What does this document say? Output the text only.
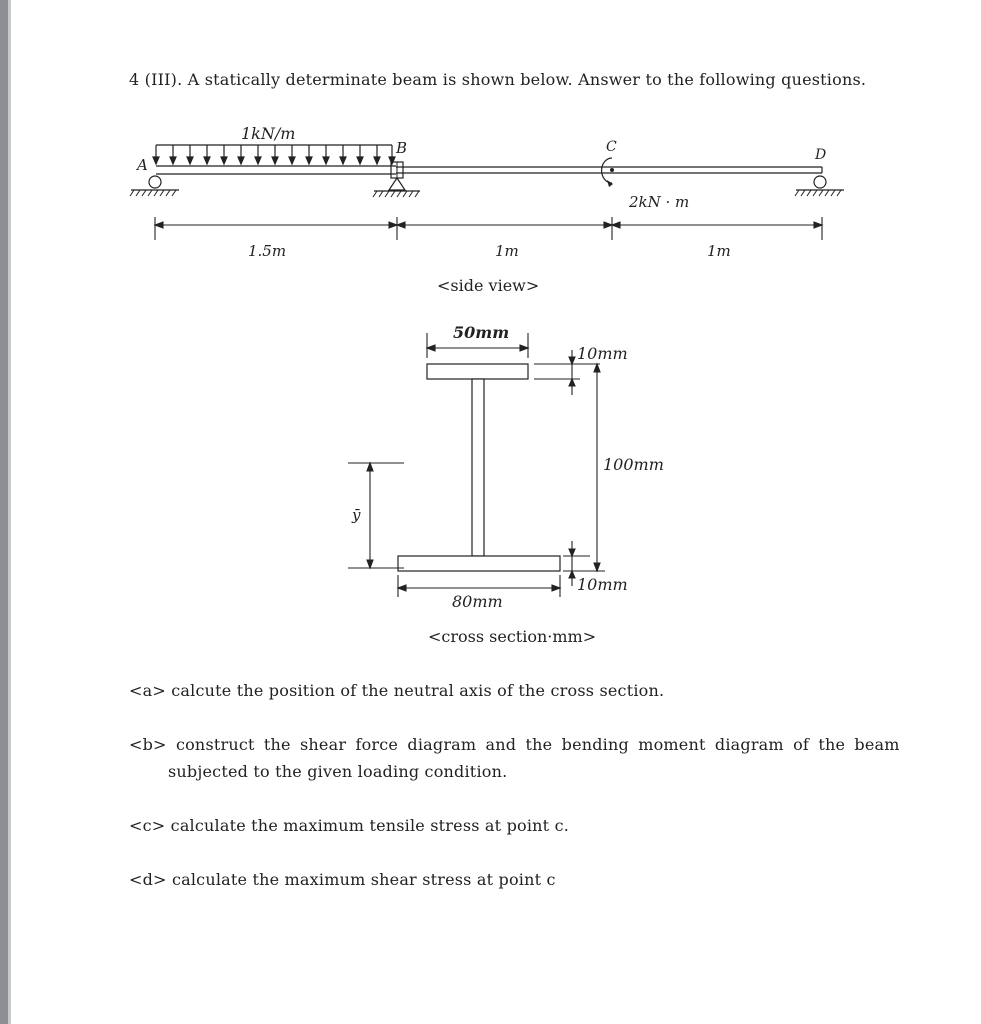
4 (III). A statically determinate beam is shown below. Answer to the following questions.
1kN/m
A
B	C
2kN · m
D
1.5m	1m	1m
<side view>
50mm
10mm
100mm
10mm
80mm
ȳ
<cross section·mm>
<a> calcute the position of the neutral axis of the cross section.
<b> construct the shear force diagram and the bending moment diagram of the beam
subjected to the given loading condition.
<c> calculate the maximum tensile stress at point c.
<d> calculate the maximum shear stress at point c
